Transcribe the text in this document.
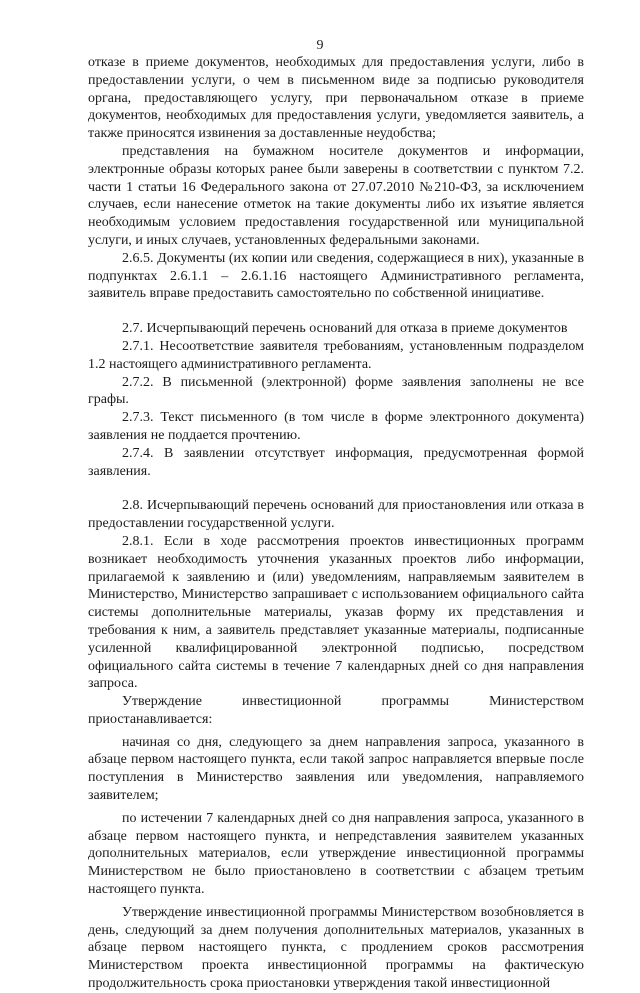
9

отказе в приеме документов, необходимых для предоставления услуги, либо в предоставлении услуги, о чем в письменном виде за подписью руководителя органа, предоставляющего услугу, при первоначальном отказе в приеме документов, необходимых для предоставления услуги, уведомляется заявитель, а также приносятся извинения за доставленные неудобства;

представления на бумажном носителе документов и информации, электронные образы которых ранее были заверены в соответствии с пунктом 7.2. части 1 статьи 16 Федерального закона от 27.07.2010 №210-ФЗ, за исключением случаев, если нанесение отметок на такие документы либо их изъятие является необходимым условием предоставления государственной или муниципальной услуги, и иных случаев, установленных федеральными законами.

2.6.5. Документы (их копии или сведения, содержащиеся в них), указанные в подпунктах 2.6.1.1 – 2.6.1.16 настоящего Административного регламента, заявитель вправе предоставить самостоятельно по собственной инициативе.

2.7. Исчерпывающий перечень оснований для отказа в приеме документов

2.7.1. Несоответствие заявителя требованиям, установленным подразделом 1.2 настоящего административного регламента.

2.7.2. В письменной (электронной) форме заявления заполнены не все графы.

2.7.3. Текст письменного (в том числе в форме электронного документа) заявления не поддается прочтению.

2.7.4. В заявлении отсутствует информация, предусмотренная формой заявления.

2.8. Исчерпывающий перечень оснований для приостановления или отказа в предоставлении государственной услуги.

2.8.1. Если в ходе рассмотрения проектов инвестиционных программ возникает необходимость уточнения указанных проектов либо информации, прилагаемой к заявлению и (или) уведомлениям, направляемым заявителем в Министерство, Министерство запрашивает с использованием официального сайта системы дополнительные материалы, указав форму их представления и требования к ним, а заявитель представляет указанные материалы, подписанные усиленной квалифицированной электронной подписью, посредством официального сайта системы в течение 7 календарных дней со дня направления запроса.

Утверждение инвестиционной программы Министерством приостанавливается:

начиная со дня, следующего за днем направления запроса, указанного в абзаце первом настоящего пункта, если такой запрос направляется впервые после поступления в Министерство заявления или уведомления, направляемого заявителем;

по истечении 7 календарных дней со дня направления запроса, указанного в абзаце первом настоящего пункта, и непредставления заявителем указанных дополнительных материалов, если утверждение инвестиционной программы Министерством не было приостановлено в соответствии с абзацем третьим настоящего пункта.

Утверждение инвестиционной программы Министерством возобновляется в день, следующий за днем получения дополнительных материалов, указанных в абзаце первом настоящего пункта, с продлением сроков рассмотрения Министерством проекта инвестиционной программы на фактическую продолжительность срока приостановки утверждения такой инвестиционной
